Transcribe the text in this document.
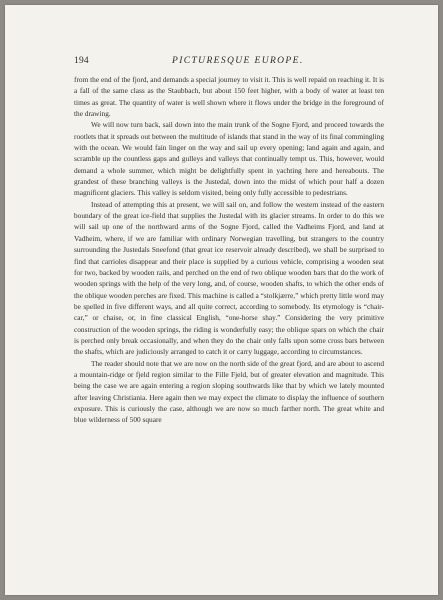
194	PICTURESQUE EUROPE.

from the end of the fjord, and demands a special journey to visit it. This is well repaid on reaching it. It is a fall of the same class as the Staubbach, but about 150 feet higher, with a body of water at least ten times as great. The quantity of water is well shown where it flows under the bridge in the foreground of the drawing.

We will now turn back, sail down into the main trunk of the Sogne Fjord, and proceed towards the rootlets that it spreads out between the multitude of islands that stand in the way of its final commingling with the ocean. We would fain linger on the way and sail up every opening; land again and again, and scramble up the countless gaps and gulleys and valleys that continually tempt us. This, however, would demand a whole summer, which might be delightfully spent in yachting here and hereabouts. The grandest of these branching valleys is the Justedal, down into the midst of which pour half a dozen magnificent glaciers. This valley is seldom visited, being only fully accessible to pedestrians.

Instead of attempting this at present, we will sail on, and follow the western instead of the eastern boundary of the great ice-field that supplies the Justedal with its glacier streams. In order to do this we will sail up one of the northward arms of the Sogne Fjord, called the Vadheims Fjord, and land at Vadheim, where, if we are familiar with ordinary Norwegian travelling, but strangers to the country surrounding the Justedals Sneefond (that great ice reservoir already described), we shall be surprised to find that carrioles disappear and their place is supplied by a curious vehicle, comprising a wooden seat for two, backed by wooden rails, and perched on the end of two oblique wooden bars that do the work of wooden springs with the help of the very long, and, of course, wooden shafts, to which the other ends of the oblique wooden perches are fixed. This machine is called a “stolkjærre,” which pretty little word may be spelled in five different ways, and all quite correct, according to somebody. Its etymology is “chair-car,” or chaise, or, in fine classical English, “one-horse shay.” Considering the very primitive construction of the wooden springs, the riding is wonderfully easy; the oblique spars on which the chair is perched only break occasionally, and when they do the chair only falls upon some cross bars between the shafts, which are judiciously arranged to catch it or carry luggage, according to circumstances.

The reader should note that we are now on the north side of the great fjord, and are about to ascend a mountain-ridge or fjeld region similar to the Fille Fjeld, but of greater elevation and magnitude. This being the case we are again entering a region sloping southwards like that by which we lately mounted after leaving Christiania. Here again then we may expect the climate to display the influence of southern exposure. This is curiously the case, although we are now so much farther north. The great white and blue wilderness of 500 square
